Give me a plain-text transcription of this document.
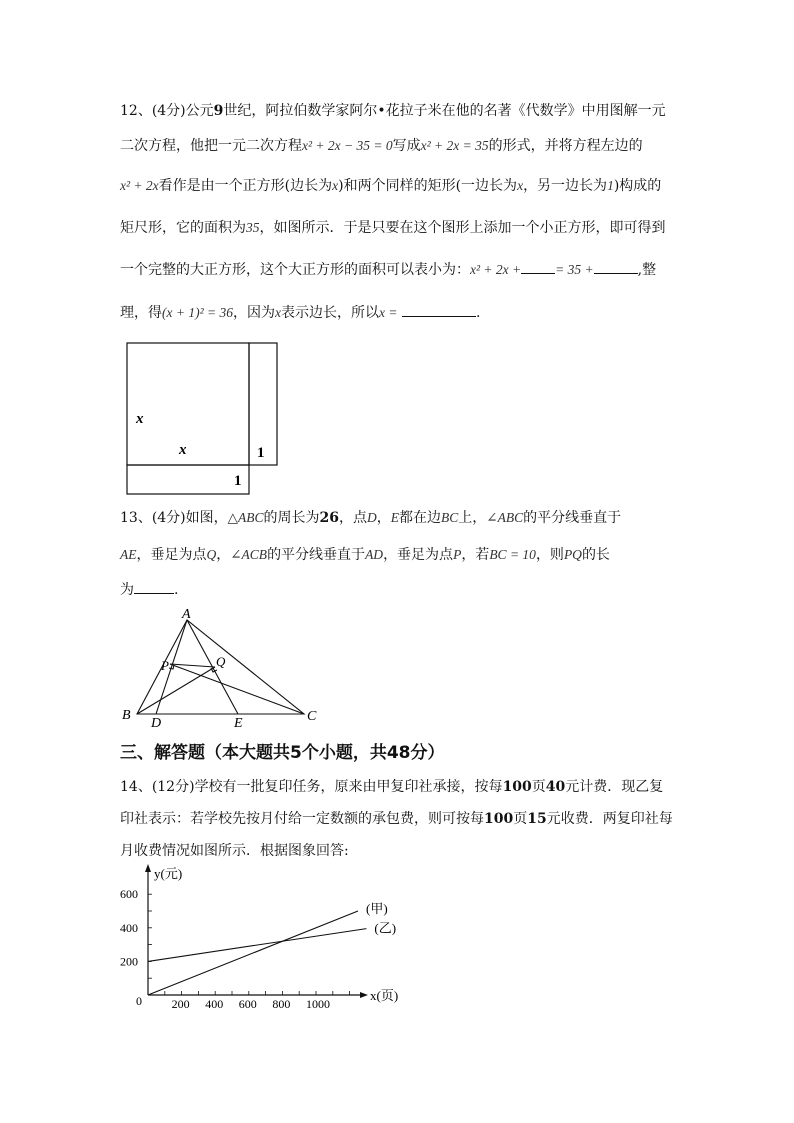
12、(4分)公元9世纪，阿拉伯数学家阿尔•花拉子米在他的名著《代数学》中用图解一元
二次方程，他把一元二次方程x² + 2x − 35 = 0写成x² + 2x = 35的形式，并将方程左边的
x² + 2x看作是由一个正方形(边长为x)和两个同样的矩形(一边长为x，另一边长为1)构成的
矩尺形，它的面积为35，如图所示．于是只要在这个图形上添加一个小正方形，即可得到
一个完整的大正方形，这个大正方形的面积可以表小为：x² + 2x +	= 35 +	,整
理，得(x + 1)² = 36，因为x表示边长，所以x =	.
x
x	1
1
13、(4分)如图，△ABC的周长为26，点D，E都在边BC上，∠ABC的平分线垂直于
AE，垂足为点Q，∠ACB的平分线垂直于AD，垂足为点P，若BC = 10，则PQ的长
为	.
A
B	C
D	E
P	Q
三、解答题（本大题共5个小题，共48分）
14、(12分)学校有一批复印任务，原来由甲复印社承接，按每100页40元计费．现乙复
印社表示：若学校先按月付给一定数额的承包费，则可按每100页15元收费．两复印社每
月收费情况如图所示．根据图象回答:
200 400 600 800 1000
200
400
600
0
y(元)
x(页)
(甲)
(乙)
